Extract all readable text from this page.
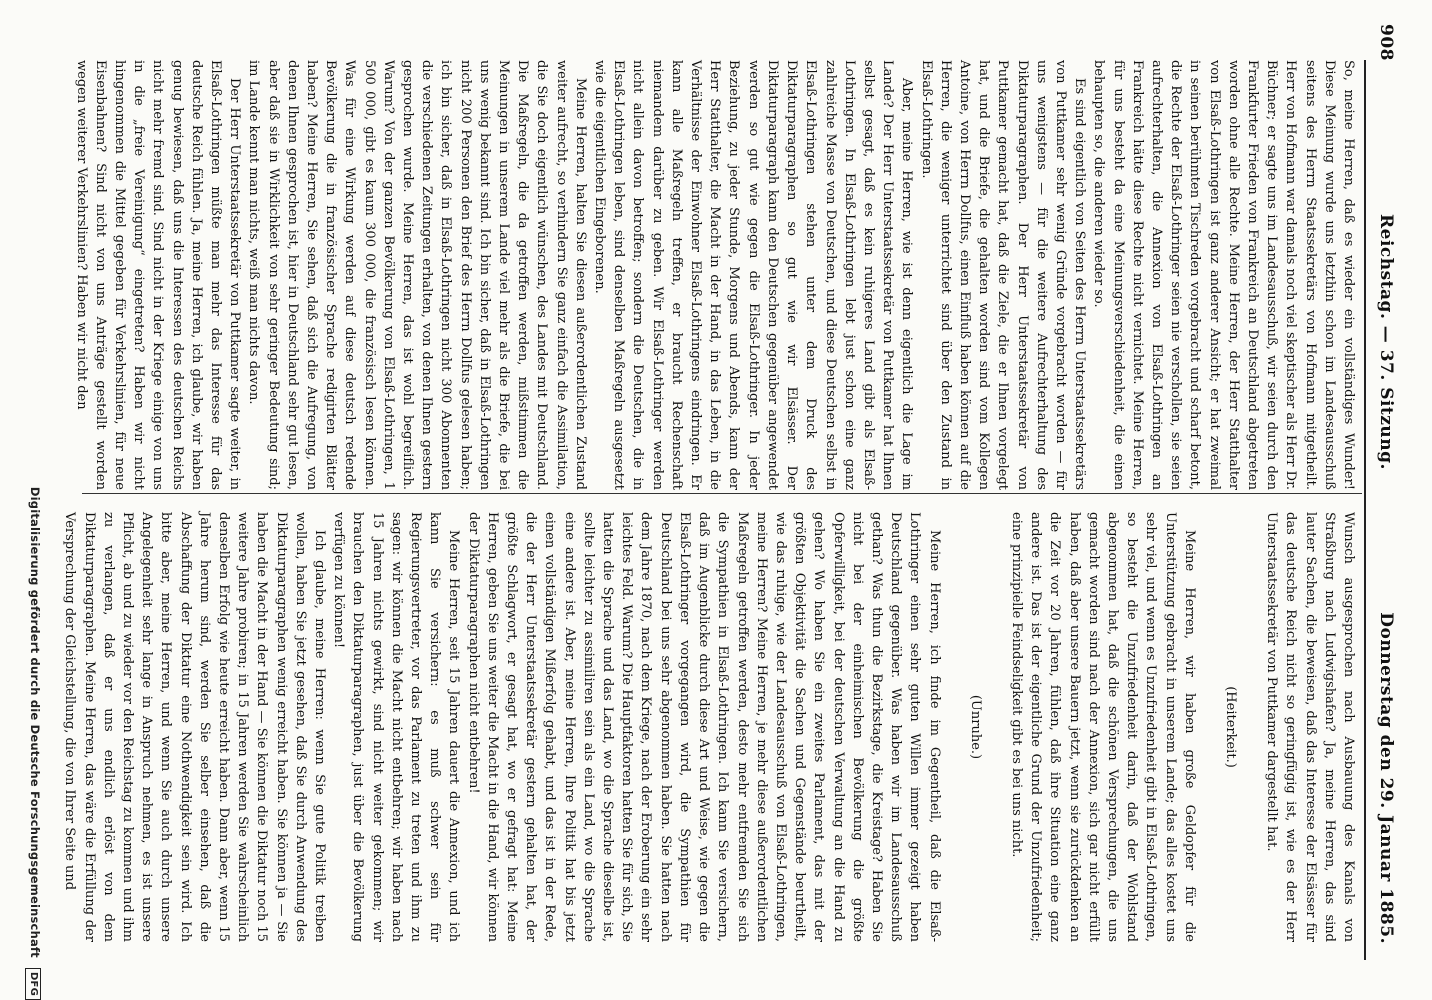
908
Reichstag. — 37. Sitzung.
Donnerstag den 29. Januar 1885.

So, meine Herren, daß es wieder ein vollständiges Wunder! Diese Meinung wurde uns letzthin schon im Landesausschuß seitens des Herrn Staatssekretärs von Hofmann mitgetheilt. Herr von Hofmann war damals noch viel skeptischer als Herr Dr. Büchner; er sagte uns im Landesausschuß, wir seien durch den Frankfurter Frieden von Frankreich an Deutschland abgetreten worden ohne alle Rechte. Meine Herren, der Herr Statthalter von Elsaß-Lothringen ist ganz anderer Ansicht; er hat zweimal in seinen berühmten Tischreden vorgebracht und scharf betont, die Rechte der Elsaß-Lothringer seien nie verschollen, sie seien aufrechterhalten, die Annexion von Elsaß-Lothringen an Frankreich hätte diese Rechte nicht vernichtet. Meine Herren, für uns besteht da eine Meinungsverschiedenheit, die einen behaupten so, die anderen wieder so.

Es sind eigentlich von Seiten des Herrn Unterstaatssekretärs von Puttkamer sehr wenig Gründe vorgebracht worden — für uns wenigstens — für die weitere Aufrechterhaltung des Diktaturparagraphen. Der Herr Unterstaatssekretär von Puttkamer gemacht hat, daß die Ziele, die er Ihnen vorgelegt hat, und die Briefe, die gehalten worden sind vom Kollegen Antoine, von Herrn Dollfus, einen Einfluß haben können auf die Herren, die weniger unterrichtet sind über den Zustand in Elsaß-Lothringen.

Aber, meine Herren, wie ist denn eigentlich die Lage im Lande? Der Herr Unterstaatssekretär von Puttkamer hat Ihnen selbst gesagt, daß es kein ruhigeres Land gibt als Elsaß-Lothringen. In Elsaß-Lothringen lebt just schon eine ganz zahlreiche Masse von Deutschen, und diese Deutschen selbst in Elsaß-Lothringen stehen unter dem Druck des Diktaturparagraphen so gut wie wir Elsässer. Der Diktaturparagraph kann den Deutschen gegenüber angewendet werden so gut wie gegen die Elsaß-Lothringer. In jeder Beziehung, zu jeder Stunde, Morgens und Abends, kann der Herr Statthalter, die Macht in der Hand, in das Leben, in die Verhältnisse der Einwohner Elsaß-Lothringens eindringen. Er kann alle Maßregeln treffen, er braucht Rechenschaft niemandem darüber zu geben. Wir Elsaß-Lothringer werden nicht allein davon betroffen; sondern die Deutschen, die in Elsaß-Lothringen leben, sind denselben Maßregeln ausgesetzt wie die eigentlichen Eingeborenen.

Meine Herren, halten Sie diesen außerordentlichen Zustand weiter aufrecht, so verhindern Sie ganz einfach die Assimilation, die Sie doch eigentlich wünschen, des Landes mit Deutschland. Die Maßregeln, die da getroffen werden, mißstimmen die Meinungen in unserem Lande viel mehr als die Briefe, die bei uns wenig bekannt sind. Ich bin sicher, daß in Elsaß-Lothringen nicht 200 Personen den Brief des Herrn Dollfus gelesen haben; ich bin sicher, daß in Elsaß-Lothringen nicht 300 Abonnenten die verschiedenen Zeitungen erhalten, von denen Ihnen gestern gesprochen wurde. Meine Herren, das ist wohl begreiflich. Warum? Von der ganzen Bevölkerung von Elsaß-Lothringen, 1 500 000, gibt es kaum 300 000, die französisch lesen können. Was für eine Wirkung werden auf diese deutsch redende Bevölkerung die in französischer Sprache redigirten Blätter haben? Meine Herren, Sie sehen, daß sich die Aufregung, von denen Ihnen gesprochen ist, hier in Deutschland sehr gut lesen, aber daß sie in Wirklichkeit von sehr geringer Bedeutung sind; im Lande kennt man nichts, weiß man nichts davon.

Der Herr Unterstaatssekretär von Puttkamer sagte weiter, in Elsaß-Lothringen müßte man mehr das Interesse für das deutsche Reich fühlen. Ja, meine Herren, ich glaube, wir haben genug bewiesen, daß uns die Interessen des deutschen Reichs nicht mehr fremd sind. Sind nicht in der Kriege einige von uns in die „freie Vereinigung“ eingetreten? Haben wir nicht hingenommen die Mittel gegeben für Verkehrslinien, für neue Eisenbahnen? Sind nicht von uns Anträge gestellt worden wegen weiterer Verkehrslinien? Haben wir nicht den

Wunsch ausgesprochen nach Ausbauung des Kanals von Straßburg nach Ludwigshafen? Ja, meine Herren, das sind lauter Sachen, die beweisen, daß das Interesse der Elsässer für das deutsche Reich nicht so geringfügig ist, wie es der Herr Unterstaatssekretär von Puttkamer dargestellt hat.

(Heiterkeit.)

Meine Herren, wir haben große Geldopfer für die Unterstützung gebracht in unserem Lande; das alles kostet uns sehr viel, und wenn es Unzufriedenheit gibt in Elsaß-Lothringen, so besteht die Unzufriedenheit darin, daß der Wohlstand abgenommen hat, daß die schönen Versprechungen, die uns gemacht worden sind nach der Annexion, sich gar nicht erfüllt haben, daß aber unsere Bauern jetzt, wenn sie zurückdenken an die Zeit vor 20 Jahren, fühlen, daß ihre Situation eine ganz andere ist. Das ist der eigentliche Grund der Unzufriedenheit; eine prinzipielle Feindseligkeit gibt es bei uns nicht.

(Unruhe.)

Meine Herren, ich finde im Gegentheil, daß die Elsaß-Lothringer einen sehr guten Willen immer gezeigt haben Deutschland gegenüber. Was haben wir im Landesausschuß gethan? Was thun die Bezirkstage, die Kreistage? Haben Sie nicht bei der einheimischen Bevölkerung die größte Opferwilligkeit, bei der deutschen Verwaltung an die Hand zu gehen? Wo haben Sie ein zweites Parlament, das mit der größten Objektivität die Sachen und Gegenstände beurtheilt, wie das ruhige, wie der Landesausschuß von Elsaß-Lothringen, meine Herren? Meine Herren, je mehr diese außerordentlichen Maßregeln getroffen werden, desto mehr entfremden Sie sich die Sympathien in Elsaß-Lothringen. Ich kann Sie versichern, daß im Augenblicke durch diese Art und Weise, wie gegen die Elsaß-Lothringer vorgegangen wird, die Sympathien für Deutschland bei uns sehr abgenommen haben. Sie hatten nach dem Jahre 1870, nach dem Kriege, nach der Eroberung ein sehr leichtes Feld. Warum? Die Hauptfaktoren hatten Sie für sich, Sie hatten die Sprache und das Land, wo die Sprache dieselbe ist, sollte leichter zu assimiliren sein als ein Land, wo die Sprache eine andere ist. Aber, meine Herren, Ihre Politik hat bis jetzt einen vollständigen Mißerfolg gehabt, und das ist in der Rede, die der Herr Unterstaatssekretär gestern gehalten hat, der größte Schlagwort, er gesagt hat, wo er gefragt hat: Meine Herren, geben Sie uns weiter die Macht in die Hand, wir können der Diktaturparagraphen nicht entbehren!

Meine Herren, seit 15 Jahren dauert die Annexion, und ich kann Sie versichern: es muß schwer sein für Regierungsvertreter, vor das Parlament zu treten und ihm zu sagen: wir können die Macht nicht entbehren; wir haben nach 15 Jahren nichts gewirkt, sind nicht weiter gekommen; wir brauchen den Diktaturparagraphen, just über die Bevölkerung verfügen zu können!

Ich glaube, meine Herren: wenn Sie gute Politik treiben wollen, haben Sie jetzt gesehen, daß Sie durch Anwendung des Diktaturparagraphen wenig erreicht haben. Sie können ja — Sie haben die Macht in der Hand — Sie können die Diktatur noch 15 weitere Jahre probiren; in 15 Jahren werden Sie wahrscheinlich denselben Erfolg wie heute erreicht haben. Dann aber, wenn 15 Jahre herum sind, werden Sie selber einsehen, daß die Abschaffung der Diktatur eine Nothwendigkeit sein wird. Ich bitte aber, meine Herren, und wenn Sie auch durch unsere Angelegenheit sehr lange in Anspruch nehmen, es ist unsere Pflicht, ab und zu wieder vor den Reichstag zu kommen und ihm zu verlangen, daß er uns endlich erlöst von dem Diktaturparagraphen. Meine Herren, das wäre die Erfüllung der Versprechung der Gleichstellung, die von Ihrer Seite und

Digitalisierung gefördert durch die Deutsche Forschungsgemeinschaft DFG
